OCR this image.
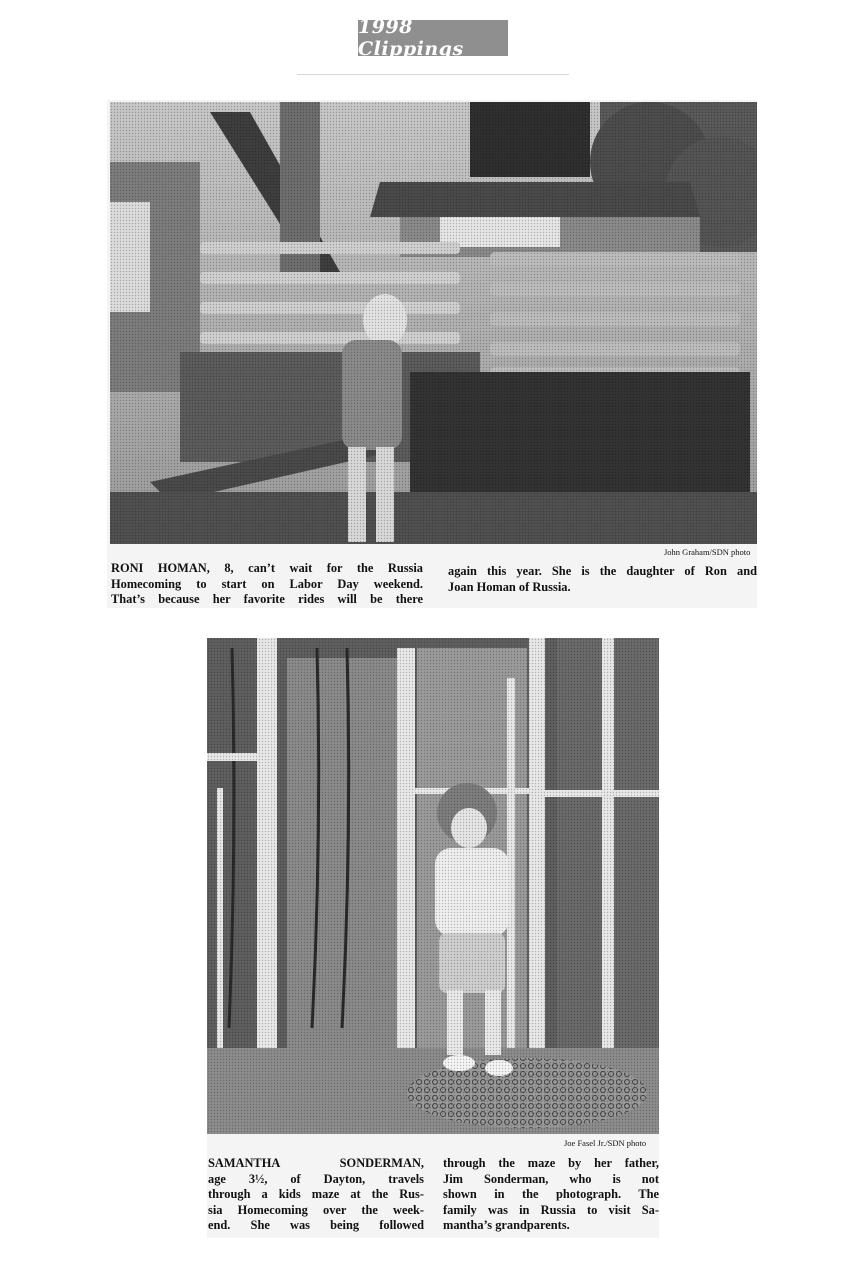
1998 Clippings
John Graham/SDN photo
RONI HOMAN, 8, can’t wait for the Russia
Homecoming to start on Labor Day weekend.
That’s because her favorite rides will be there
again this year. She is the daughter of Ron and
Joan Homan of Russia.
Joe Fasel Jr./SDN photo
SAMANTHA SONDERMAN,
age 3½, of Dayton, travels
through a kids maze at the Rus-
sia Homecoming over the week-
end. She was being followed
through the maze by her father,
Jim Sonderman, who is not
shown in the photograph. The
family was in Russia to visit Sa-
mantha’s grandparents.
